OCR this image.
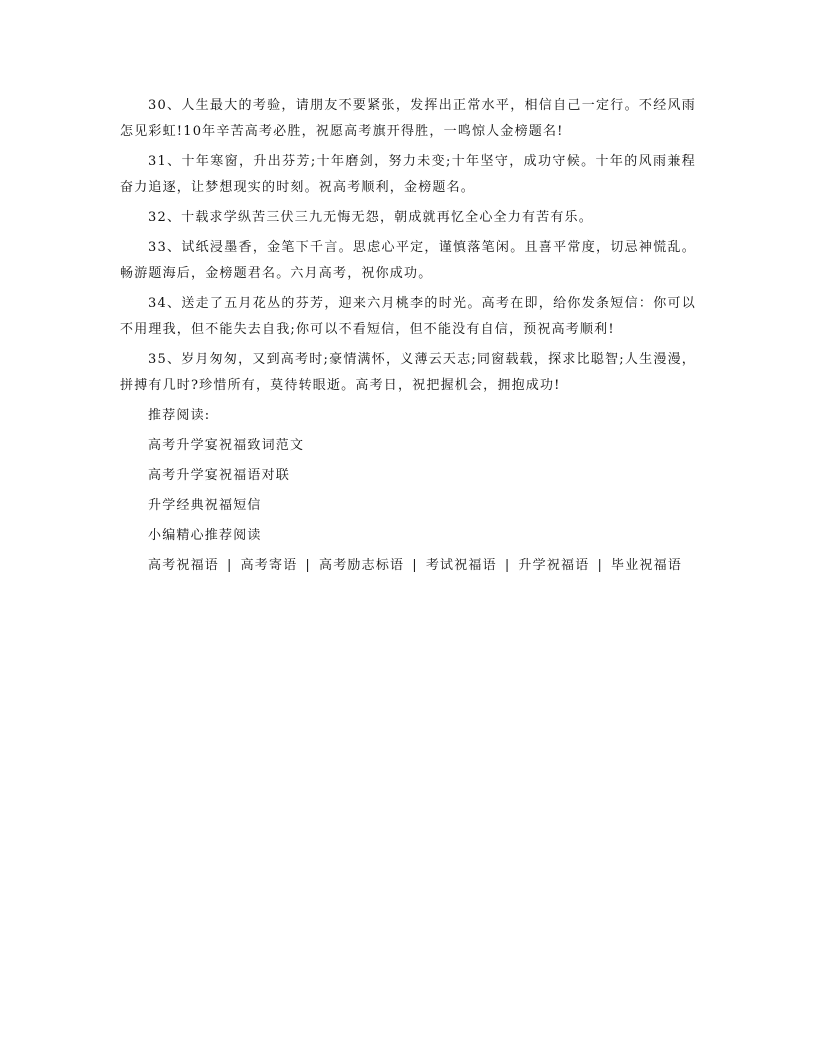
30、人生最大的考验，请朋友不要紧张，发挥出正常水平，相信自己一定行。不经风雨怎见彩虹!10年辛苦高考必胜，祝愿高考旗开得胜，一鸣惊人金榜题名!

31、十年寒窗，升出芬芳;十年磨剑，努力未变;十年坚守，成功守候。十年的风雨兼程奋力追逐，让梦想现实的时刻。祝高考顺利，金榜题名。

32、十载求学纵苦三伏三九无悔无怨，朝成就再忆全心全力有苦有乐。

33、试纸浸墨香，金笔下千言。思虑心平定，谨慎落笔闲。且喜平常度，切忌神慌乱。畅游题海后，金榜题君名。六月高考，祝你成功。

34、送走了五月花丛的芬芳，迎来六月桃李的时光。高考在即，给你发条短信：你可以不用理我，但不能失去自我;你可以不看短信，但不能没有自信，预祝高考顺利!

35、岁月匆匆，又到高考时;豪情满怀，义薄云天志;同窗载载，探求比聪智;人生漫漫，拼搏有几时?珍惜所有，莫待转眼逝。高考日，祝把握机会，拥抱成功!

推荐阅读:

高考升学宴祝福致词范文

高考升学宴祝福语对联

升学经典祝福短信

小编精心推荐阅读

高考祝福语 | 高考寄语 | 高考励志标语 | 考试祝福语 | 升学祝福语 | 毕业祝福语
